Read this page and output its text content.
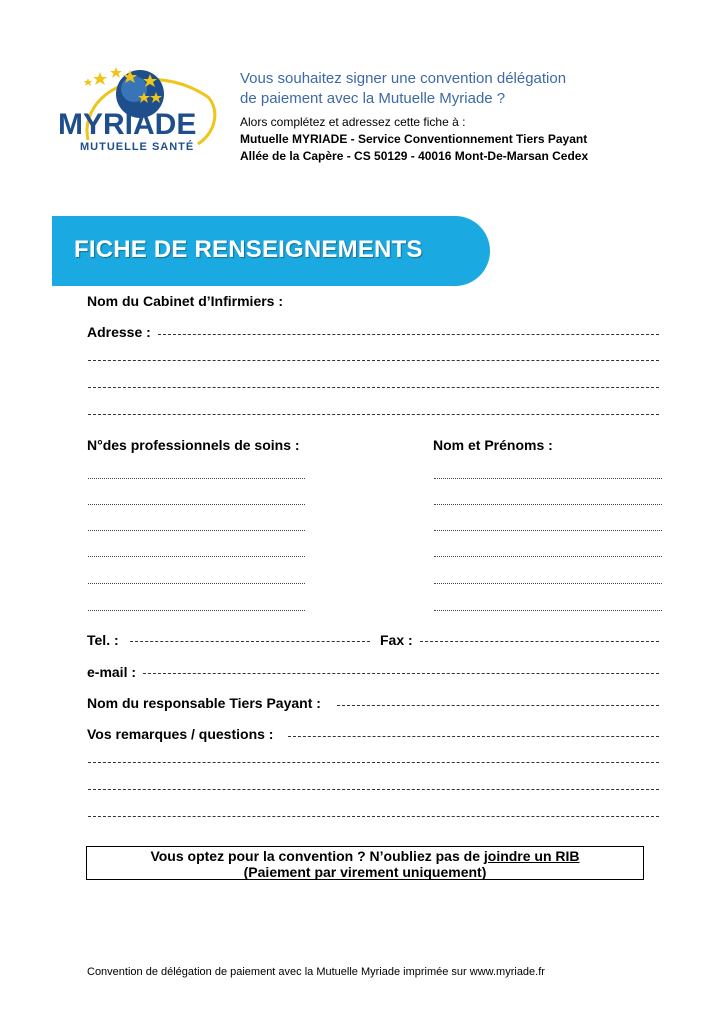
MYRIADE
MUTUELLE SANTÉ
Vous souhaitez signer une convention délégation
de paiement avec la Mutuelle Myriade ?
Alors complétez et adressez cette fiche à :
Mutuelle MYRIADE - Service Conventionnement Tiers Payant
Allée de la Capère - CS 50129 - 40016 Mont-De-Marsan Cedex
FICHE DE RENSEIGNEMENTS
Nom du Cabinet d’Infirmiers :
Adresse :
N°des professionnels de soins :	Nom et Prénoms :
Tel. :	Fax :
e-mail :
Nom du responsable Tiers Payant :
Vos remarques / questions :
Vous optez pour la convention ? N’oubliez pas de joindre un RIB
(Paiement par virement uniquement)
Convention de délégation de paiement avec la Mutuelle Myriade imprimée sur www.myriade.fr
